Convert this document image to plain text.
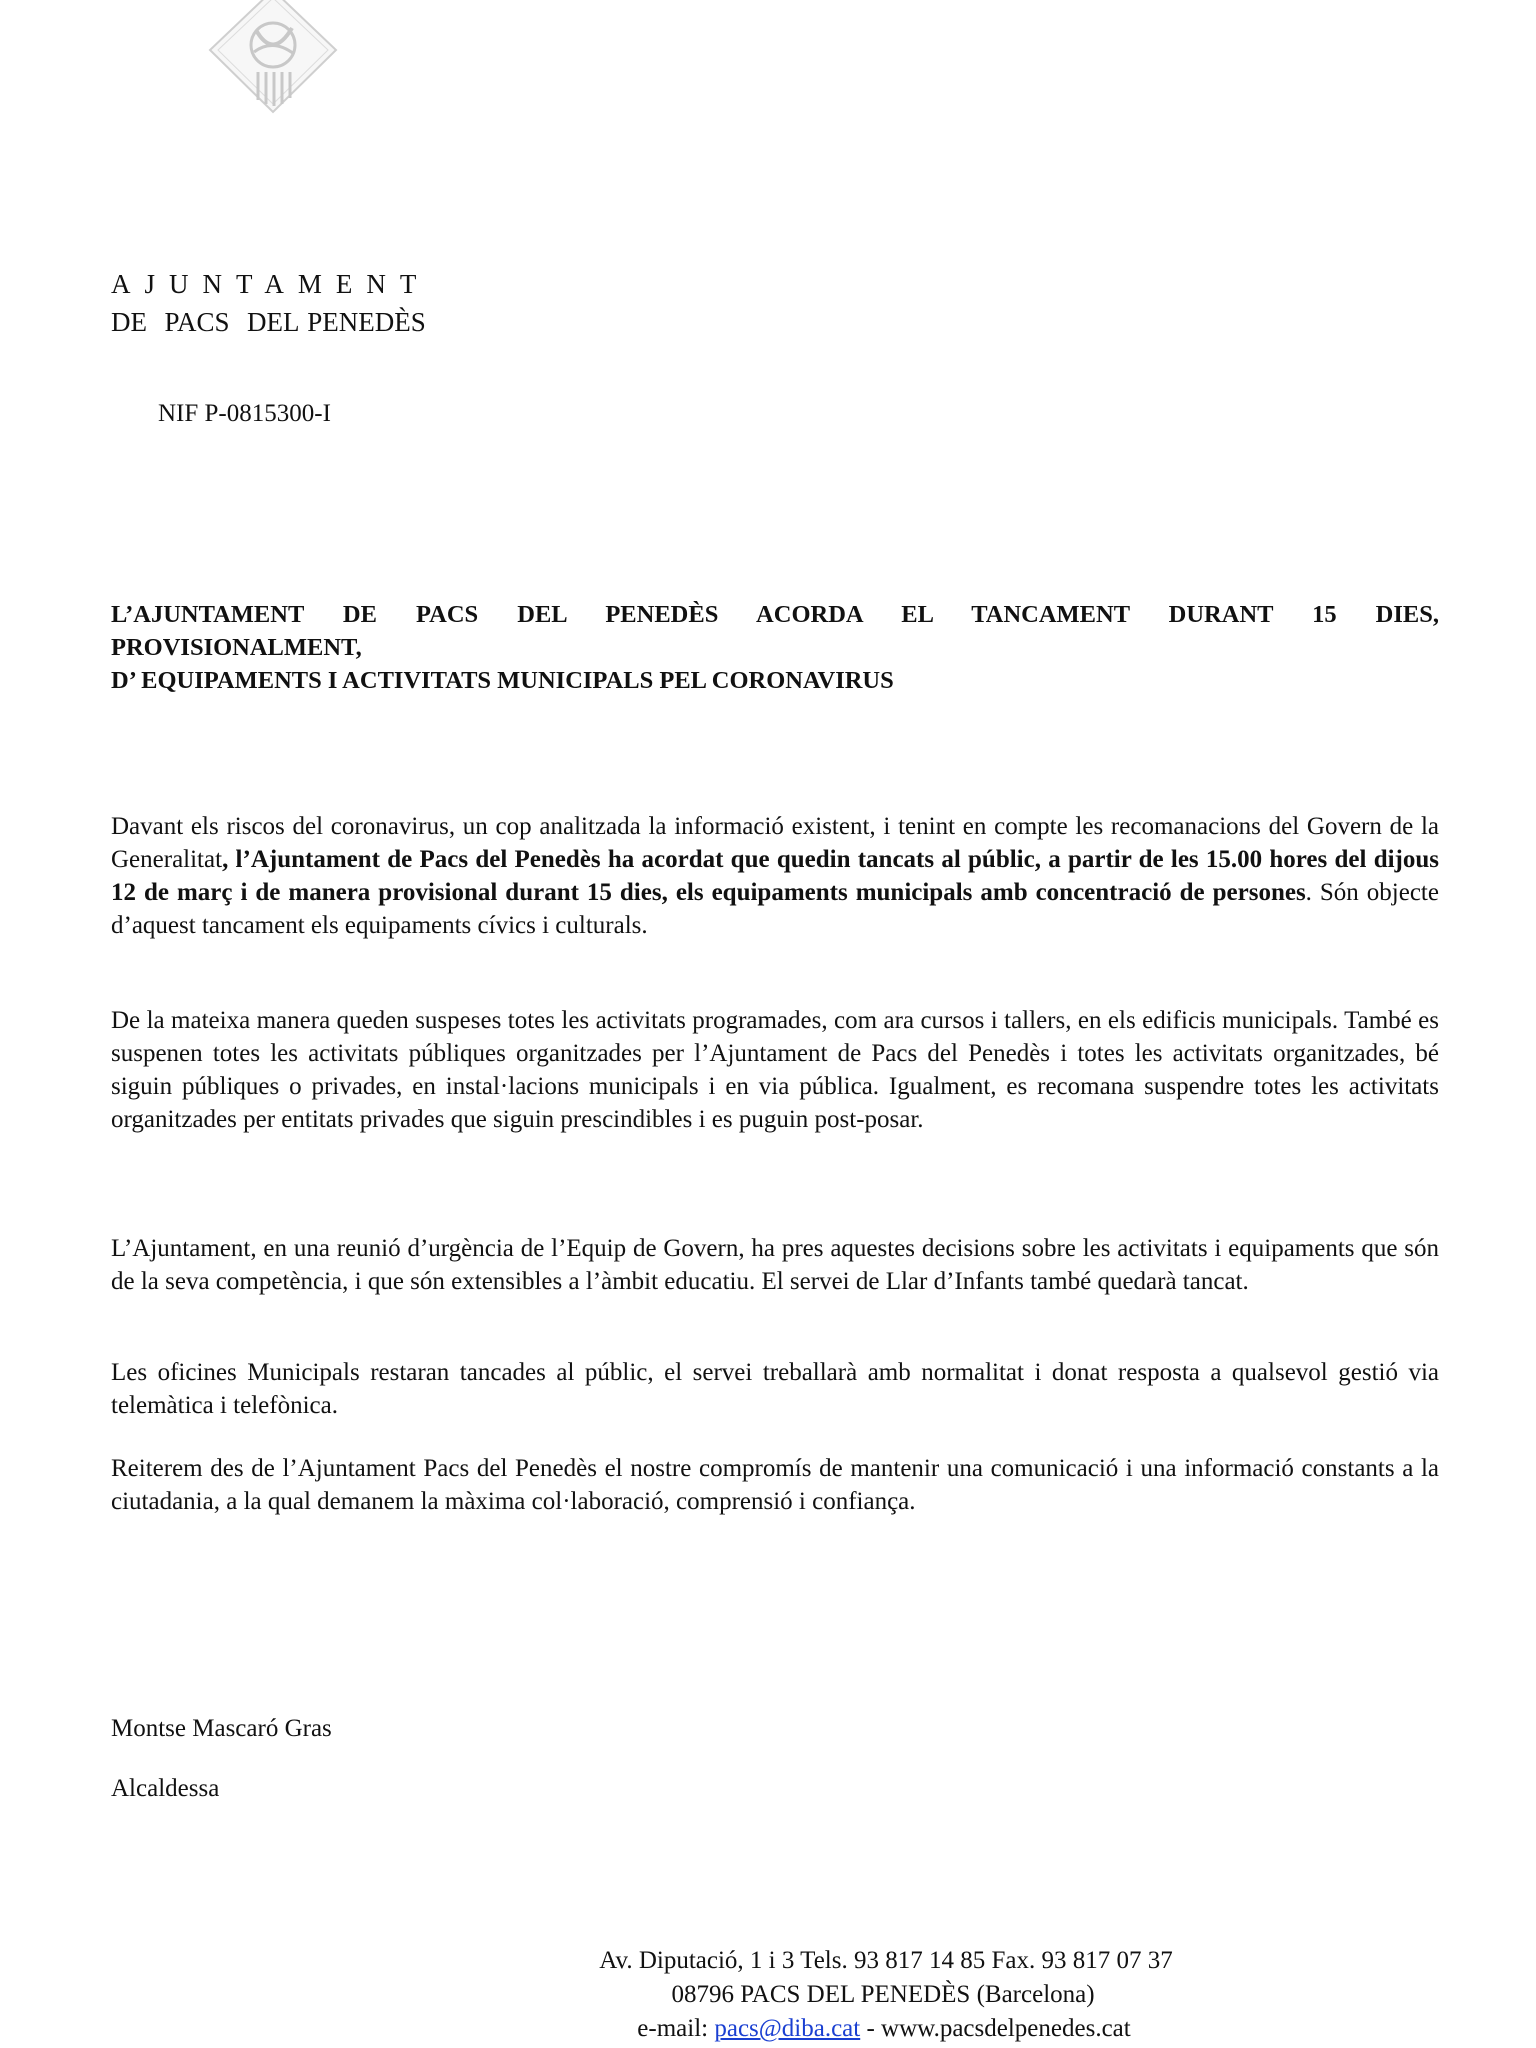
AJUNTAMENT
DE  PACS  DEL PENEDÈS
NIF P-0815300-I
L’AJUNTAMENT DE PACS DEL PENEDÈS ACORDA EL TANCAMENT DURANT 15 DIES,
PROVISIONALMENT,
D’ EQUIPAMENTS I ACTIVITATS MUNICIPALS PEL CORONAVIRUS
Davant els riscos del coronavirus, un cop analitzada la informació existent, i tenint en compte les recomanacions del Govern de la Generalitat, l’Ajuntament de Pacs del Penedès ha acordat que quedin tancats al públic, a partir de les 15.00 hores del dijous 12 de març i de manera provisional durant 15 dies, els equipaments municipals amb concentració de persones. Són objecte d’aquest tancament els equipaments cívics i culturals.
De la mateixa manera queden suspeses totes les activitats programades, com ara cursos i tallers, en els edificis municipals. També es suspenen totes les activitats públiques organitzades per l’Ajuntament de Pacs del Penedès i totes les activitats organitzades, bé siguin públiques o privades, en instal·lacions municipals i en via pública. Igualment, es recomana suspendre totes les activitats organitzades per entitats privades que siguin prescindibles i es puguin post-posar.
L’Ajuntament, en una reunió d’urgència de l’Equip de Govern, ha pres aquestes decisions sobre les activitats i equipaments que són de la seva competència, i que són extensibles a l’àmbit educatiu. El servei de Llar d’Infants també quedarà tancat.
Les oficines Municipals restaran tancades al públic, el servei treballarà amb normalitat i donat resposta a qualsevol gestió via telemàtica i telefònica.
Reiterem des de l’Ajuntament Pacs del Penedès el nostre compromís de mantenir una comunicació i una informació constants a la ciutadania, a la qual demanem la màxima col·laboració, comprensió i confiança.
Montse Mascaró Gras
Alcaldessa
Av. Diputació, 1 i 3 Tels. 93 817 14 85 Fax. 93 817 07 37
08796 PACS DEL PENEDÈS (Barcelona)
e-mail: pacs@diba.cat - www.pacsdelpenedes.cat
